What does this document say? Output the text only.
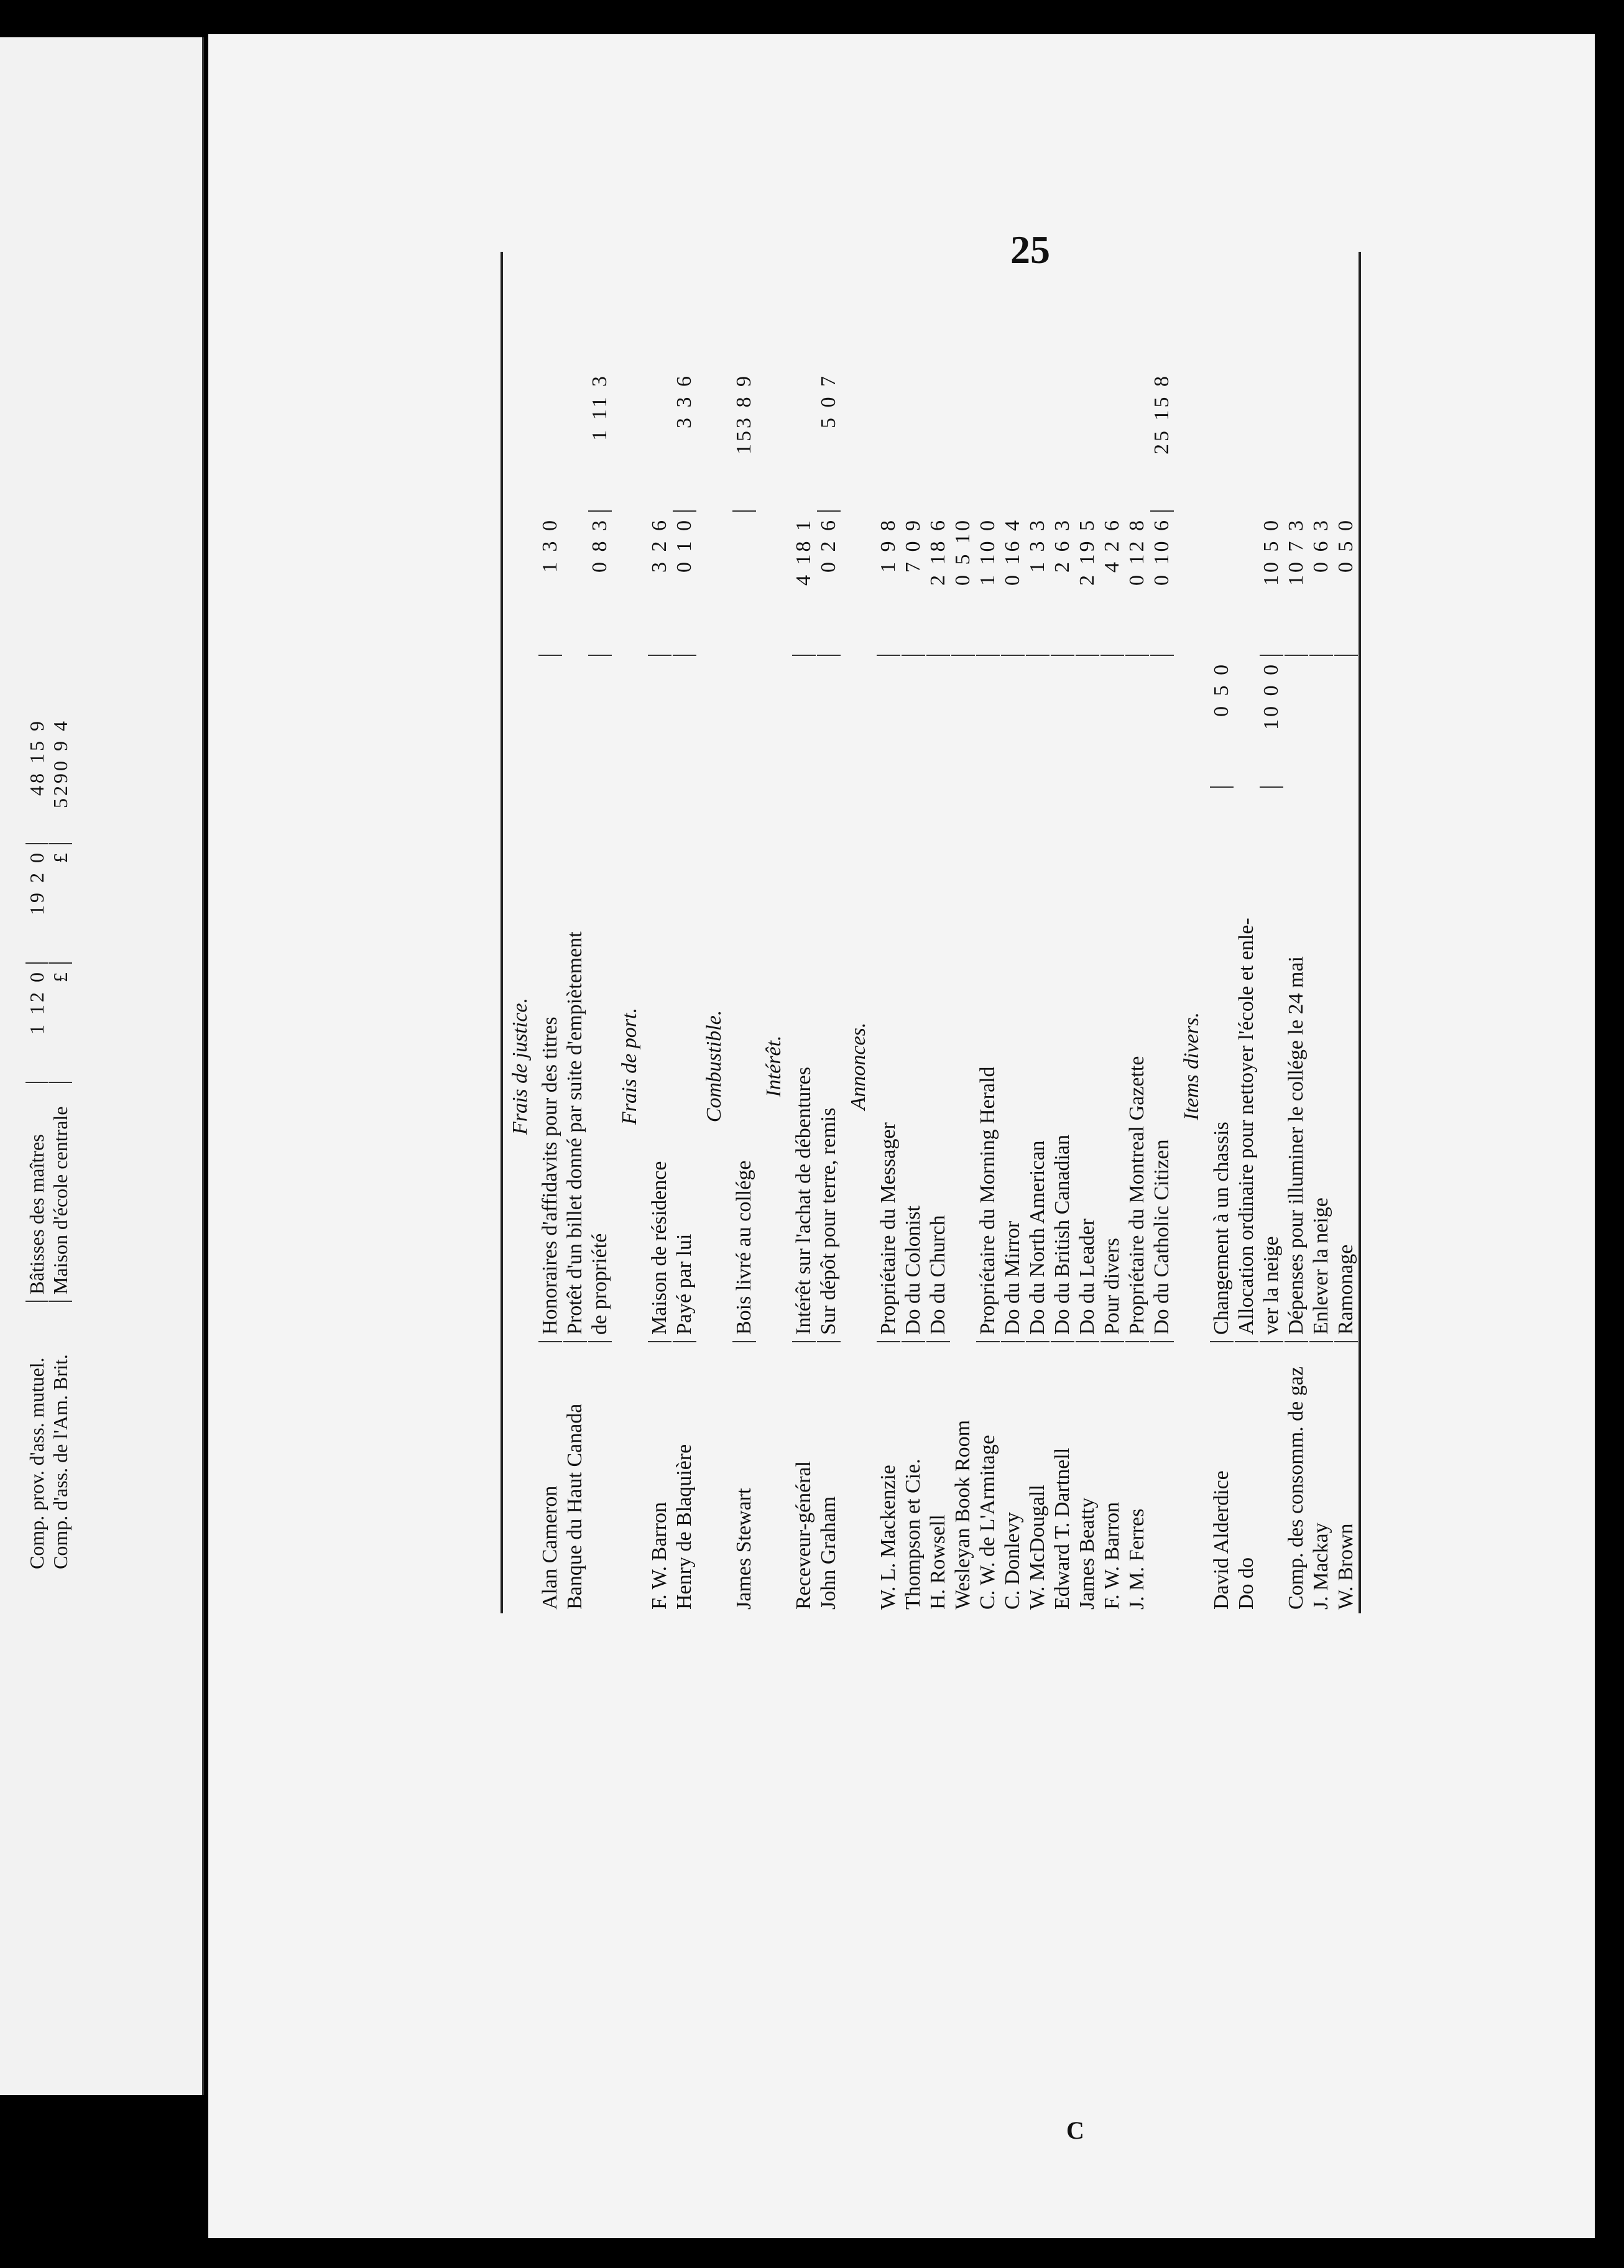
Comp. prov. d'ass. mutuel.
Bâtisses des maîtres
1 12 0
19 2 0
48 15 9
Comp. d'ass. de l'Am. Brit.
Maison d'école centrale
£
£
5290 9 4
25
Frais de justice.
Alan Cameron
Honoraires d'affidavits pour des titres
1 3 0
Banque du Haut Canada
Protêt d'un billet donné par suite d'empiètement de propriété
0 8 3
1 11 3
Frais de port.
F. W. Barron
Maison de résidence
3 2 6
Henry de Blaquière
Payé par lui
0 1 0
3 3 6
Combustible.
James Stewart
Bois livré au collége
153 8 9
Intérêt.
Receveur-général
Intérêt sur l'achat de débentures
4 18 1
John Graham
Sur dépôt pour terre, remis
0 2 6
5 0 7
Annonces.
W. L. Mackenzie
Propriétaire du Messager
1 9 8
Thompson et Cie.
Do du Colonist
7 0 9
H. Rowsell
Do du Church
2 18 6
Wesleyan Book Room
0 5 10
C. W. de L'Armitage
Propriétaire du Morning Herald
1 10 0
C. Donlevy
Do du Mirror
0 16 4
W. McDougall
Do du North American
1 3 3
Edward T. Dartnell
Do du British Canadian
2 6 3
James Beatty
Do du Leader
2 19 5
F. W. Barron
Pour divers
4 2 6
J. M. Ferres
Propriétaire du Montreal Gazette
0 12 8
Do du Catholic Citizen
0 10 6
25 15 8
Items divers.
David Alderdice
Changement à un chassis
0 5 0
Do do
Allocation ordinaire pour nettoyer l'école et enle- ver la neige
10 0 0
10 5 0
Comp. des consomm. de gaz
Dépenses pour illuminer le collége le 24 mai
10 7 3
J. Mackay
Enlever la neige
0 6 3
W. Brown
Ramonage
0 5 0
C
